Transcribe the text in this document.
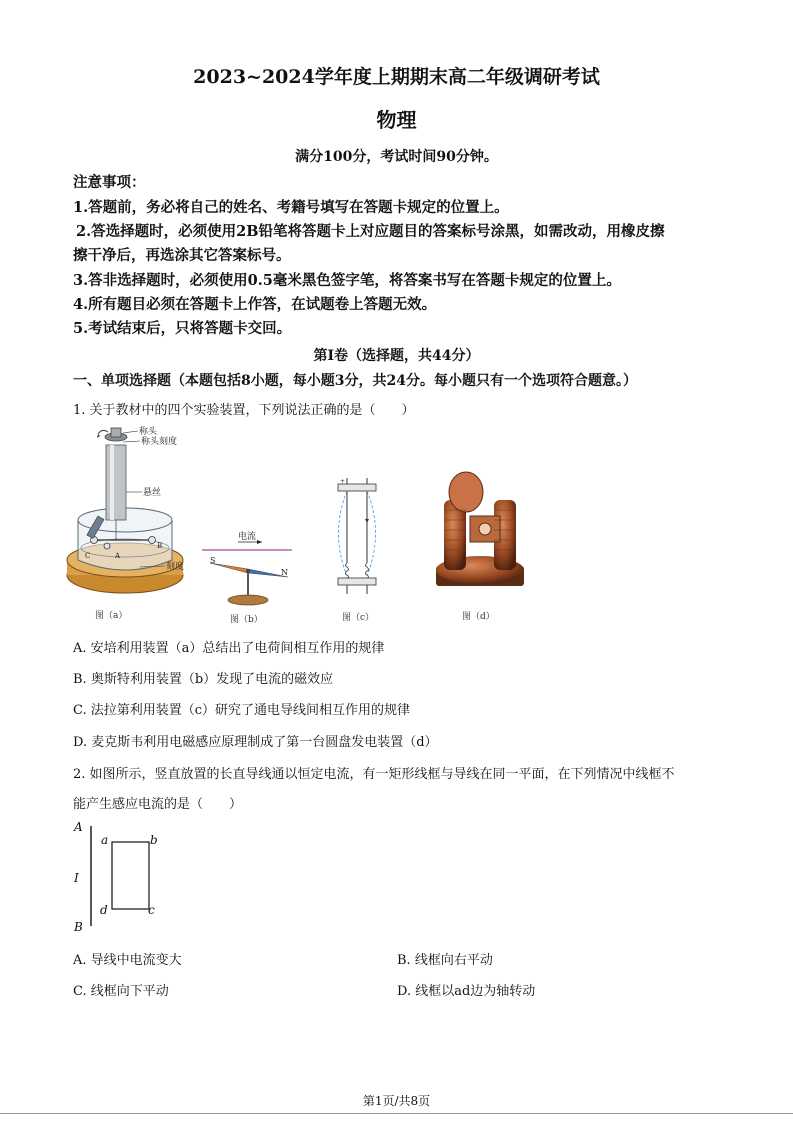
2023~2024学年度上期期末高二年级调研考试
物理
满分100分，考试时间90分钟。
注意事项：
1.答题前，务必将自己的姓名、考籍号填写在答题卡规定的位置上。
2.答选择题时，必须使用2B铅笔将答题卡上对应题目的答案标号涂黑，如需改动，用橡皮擦
擦干净后，再选涂其它答案标号。
3.答非选择题时，必须使用0.5毫米黑色签字笔，将答案书写在答题卡规定的位置上。
4.所有题目必须在答题卡上作答，在试题卷上答题无效。
5.考试结束后，只将答题卡交回。
第Ⅰ卷（选择题，共44分）
一、单项选择题（本题包括8小题，每小题3分，共24分。每小题只有一个选项符合题意。）
1. 关于教材中的四个实验装置，下列说法正确的是（　　）
称头
称头刻度
悬丝
刻度
C	A
B
图（a）
电流
S
N
图（b）
+
图（c）	图（d）
A. 安培利用装置（a）总结出了电荷间相互作用的规律
B. 奥斯特利用装置（b）发现了电流的磁效应
C. 法拉第利用装置（c）研究了通电导线间相互作用的规律
D. 麦克斯韦利用电磁感应原理制成了第一台圆盘发电装置（d）
2. 如图所示，竖直放置的长直导线通以恒定电流，有一矩形线框与导线在同一平面，在下列情况中线框不
能产生感应电流的是（　　）
A
B
I
a	b
c
d
A. 导线中电流变大	B. 线框向右平动
C. 线框向下平动	D. 线框以ad边为轴转动
第1页/共8页
